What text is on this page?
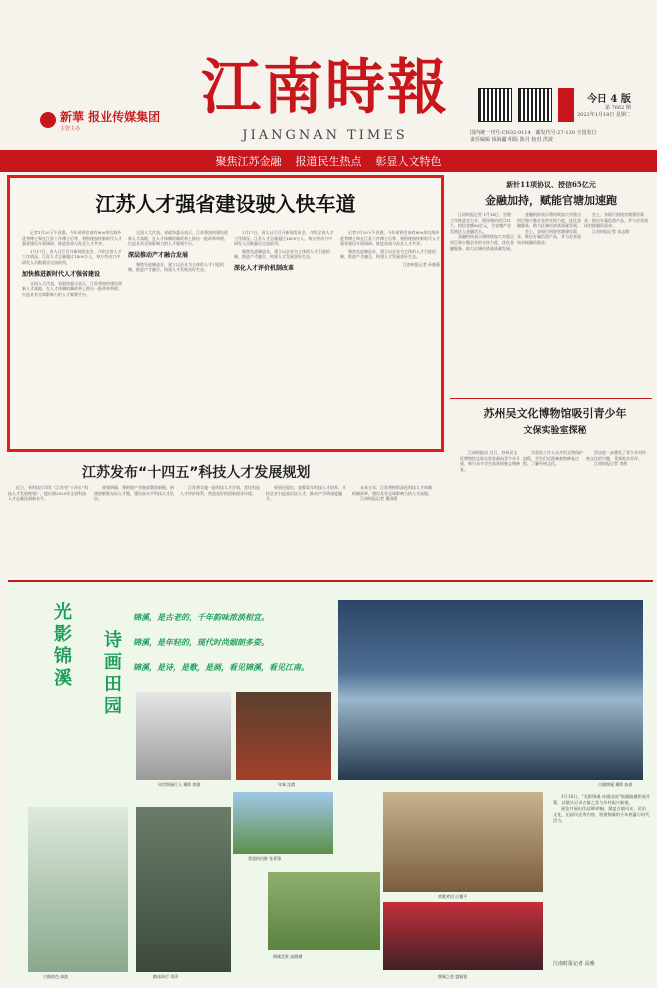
新華 报业传媒集团
主管主办
江南時報
JIANGNAN TIMES
今日 4 版
第 7662 期
2022年1月18日 星期二
国内统一刊号:CN32-0114　邮发代号:27-120 全国发行
责任编辑 钱海疆 组版 陈月 校对 洪波
聚焦江苏金融 报道民生热点 彰显人文特色
江苏人才强省建设驶入快车道

记者1月20下午获悉，今年省两会前有800余名海外优秀博士和在江苏工作博士后等，将围绕加快新时代人才强省建设开展调研，推进苏南与苏北人才共享。

1月17日，省人社厅召开新闻发布会，介绍全省人才工作情况。江苏人才总量超过1400万人，每万劳动力中研发人员数量居全国前列。

加快推进新时代人才强省建设

全国人大代表、省政协委员表示，江苏将加快建设创新人才高地，在人才体制机制改革上推出一批改革举措，打造具有全球影响力的人才集聚平台。

全国人大代表、省政协委员表示，江苏将加快建设创新人才高地，在人才体制机制改革上推出一批改革举措，打造具有全球影响力的人才集聚平台。

深层推动产才融合发展

聚焦先进制造业，建立以企业为主体的人才引进机制，推进产才融合，构建人才发展良好生态。

1月17日，省人社厅召开新闻发布会，介绍全省人才工作情况。江苏人才总量超过1400万人，每万劳动力中研发人员数量居全国前列。

聚焦先进制造业，建立以企业为主体的人才引进机制，推进产才融合，构建人才发展良好生态。

深化人才评价机制改革

记者1月20下午获悉，今年省两会前有800余名海外优秀博士和在江苏工作博士后等，将围绕加快新时代人才强省建设开展调研，推进苏南与苏北人才共享。

聚焦先进制造业，建立以企业为主体的人才引进机制，推进产才融合，构建人才发展良好生态。

江南时报记者 孙晓燕

新针11项协议、授信65亿元
金融加持，赋能官塘加速跑

江南时报记者 1月14日，官塘工作推进会召开，现场签约项目11个，授信金额65亿元，为官塘产业发展注入金融活水。

金融机构表示将持续加大对重点项目和小微企业的支持力度，优化金融服务，助力区域经济高质量发展。

金融机构表示将持续加大对重点项目和小微企业的支持力度，优化金融服务，助力区域经济高质量发展。

会上，各银行围绕官塘建设需求，推出专属信贷产品，并与企业现场对接融资需求。

会上，各银行围绕官塘建设需求，推出专属信贷产品，并与企业现场对接融资需求。

江南时报记者 朱志敏

苏州吴文化博物馆吸引青少年
文保实验室探秘

江南时报讯 近日，苏州吴文化博物馆文保实验室面向青少年开放，吸引众多学生前来探秘文物修复。

实验室工作人员介绍文物保护流程，学生们近距离观察修复过程，了解传统文化。

活动进一步激发了青少年对传统文化的兴趣，受到家长好评。

江南时报记者 李茜

江苏发布“十四五”科技人才发展规划

近日，省科技厅印发《江苏省“十四五”科技人才发展规划》，提出到2025年全省科技人才总量达到新水平。

规划明确，将围绕产业链部署创新链，围绕创新链布局人才链，建设高水平科技人才队伍。

江苏将实施一批科技人才计划，优化科技人才评价体系，营造良好的创新创业环境。

规划还提出，加强青年科技人才培养，支持企业引进高层次人才，推动产学研深度融合。

未来五年，江苏将持续深化科技人才体制机制改革，建设具有全球影响力的人才高地。

江南时报记者 董雨晴

光影锦溪 诗画田园
锦溪，是古老的，千年韵味浓淡相宜。
锦溪，是年轻的，现代时尚姻朗多姿。
锦溪，是诗，是歌，是画，看见锦溪，看见江南。
古镇锦溪 摄影 陈岚
风雪锦溪行人 摄影 徐波	年味 沈霞
希望的田野 张景锋
古镇夜色 高波	踏冰前行 刘萍
锦溪美景 高晓钢
欢歌笑语 应翼平
锦溪之夜 盛振铭

1月18日，“光影锦溪 诗画田园”锦溪镇摄影展开幕，以镜头记录古镇之美与乡村振兴新貌。

展览共展出作品80余幅，涵盖古镇风光、民俗文化、田园风光等内容，展现锦溪的千年底蕴与时代活力。

江南时报记者 高雅
